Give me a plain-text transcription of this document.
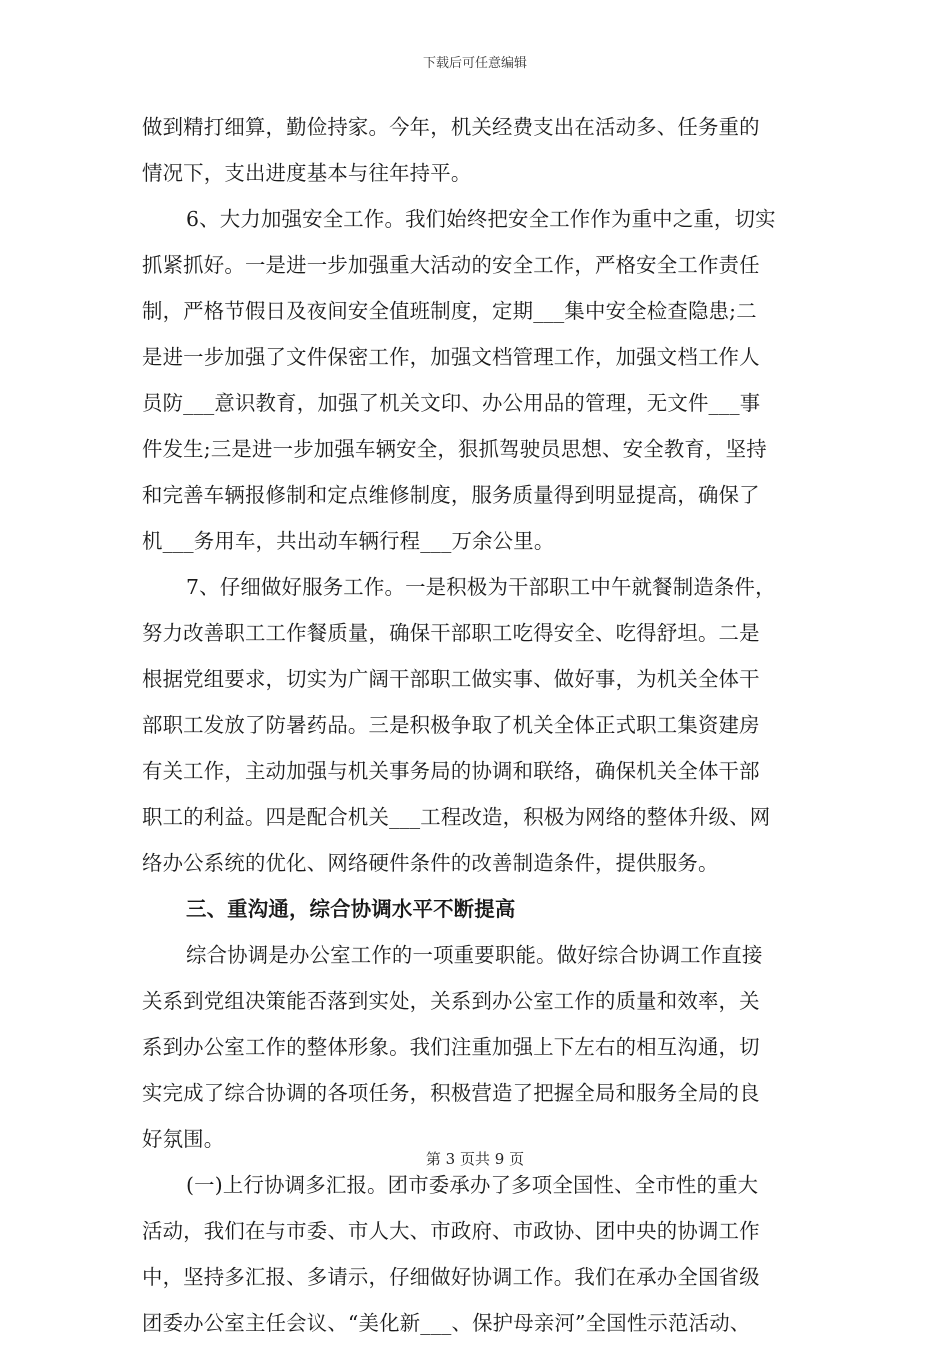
下载后可任意编辑
做到精打细算，勤俭持家。今年，机关经费支出在活动多、任务重的
情况下，支出进度基本与往年持平。
6、大力加强安全工作。我们始终把安全工作作为重中之重，切实
抓紧抓好。一是进一步加强重大活动的安全工作，严格安全工作责任
制，严格节假日及夜间安全值班制度，定期___集中安全检查隐患;二
是进一步加强了文件保密工作，加强文档管理工作，加强文档工作人
员防___意识教育，加强了机关文印、办公用品的管理，无文件___事
件发生;三是进一步加强车辆安全，狠抓驾驶员思想、安全教育，坚持
和完善车辆报修制和定点维修制度，服务质量得到明显提高，确保了
机___务用车，共出动车辆行程___万余公里。
7、仔细做好服务工作。一是积极为干部职工中午就餐制造条件，
努力改善职工工作餐质量，确保干部职工吃得安全、吃得舒坦。二是
根据党组要求，切实为广阔干部职工做实事、做好事，为机关全体干
部职工发放了防暑药品。三是积极争取了机关全体正式职工集资建房
有关工作，主动加强与机关事务局的协调和联络，确保机关全体干部
职工的利益。四是配合机关___工程改造，积极为网络的整体升级、网
络办公系统的优化、网络硬件条件的改善制造条件，提供服务。
三、重沟通，综合协调水平不断提高
综合协调是办公室工作的一项重要职能。做好综合协调工作直接
关系到党组决策能否落到实处，关系到办公室工作的质量和效率，关
系到办公室工作的整体形象。我们注重加强上下左右的相互沟通，切
实完成了综合协调的各项任务，积极营造了把握全局和服务全局的良
好氛围。
(一)上行协调多汇报。团市委承办了多项全国性、全市性的重大
活动，我们在与市委、市人大、市政府、市政协、团中央的协调工作
中，坚持多汇报、多请示，仔细做好协调工作。我们在承办全国省级
团委办公室主任会议、“美化新___、保护母亲河”全国性示范活动、
第 3 页共 9 页
